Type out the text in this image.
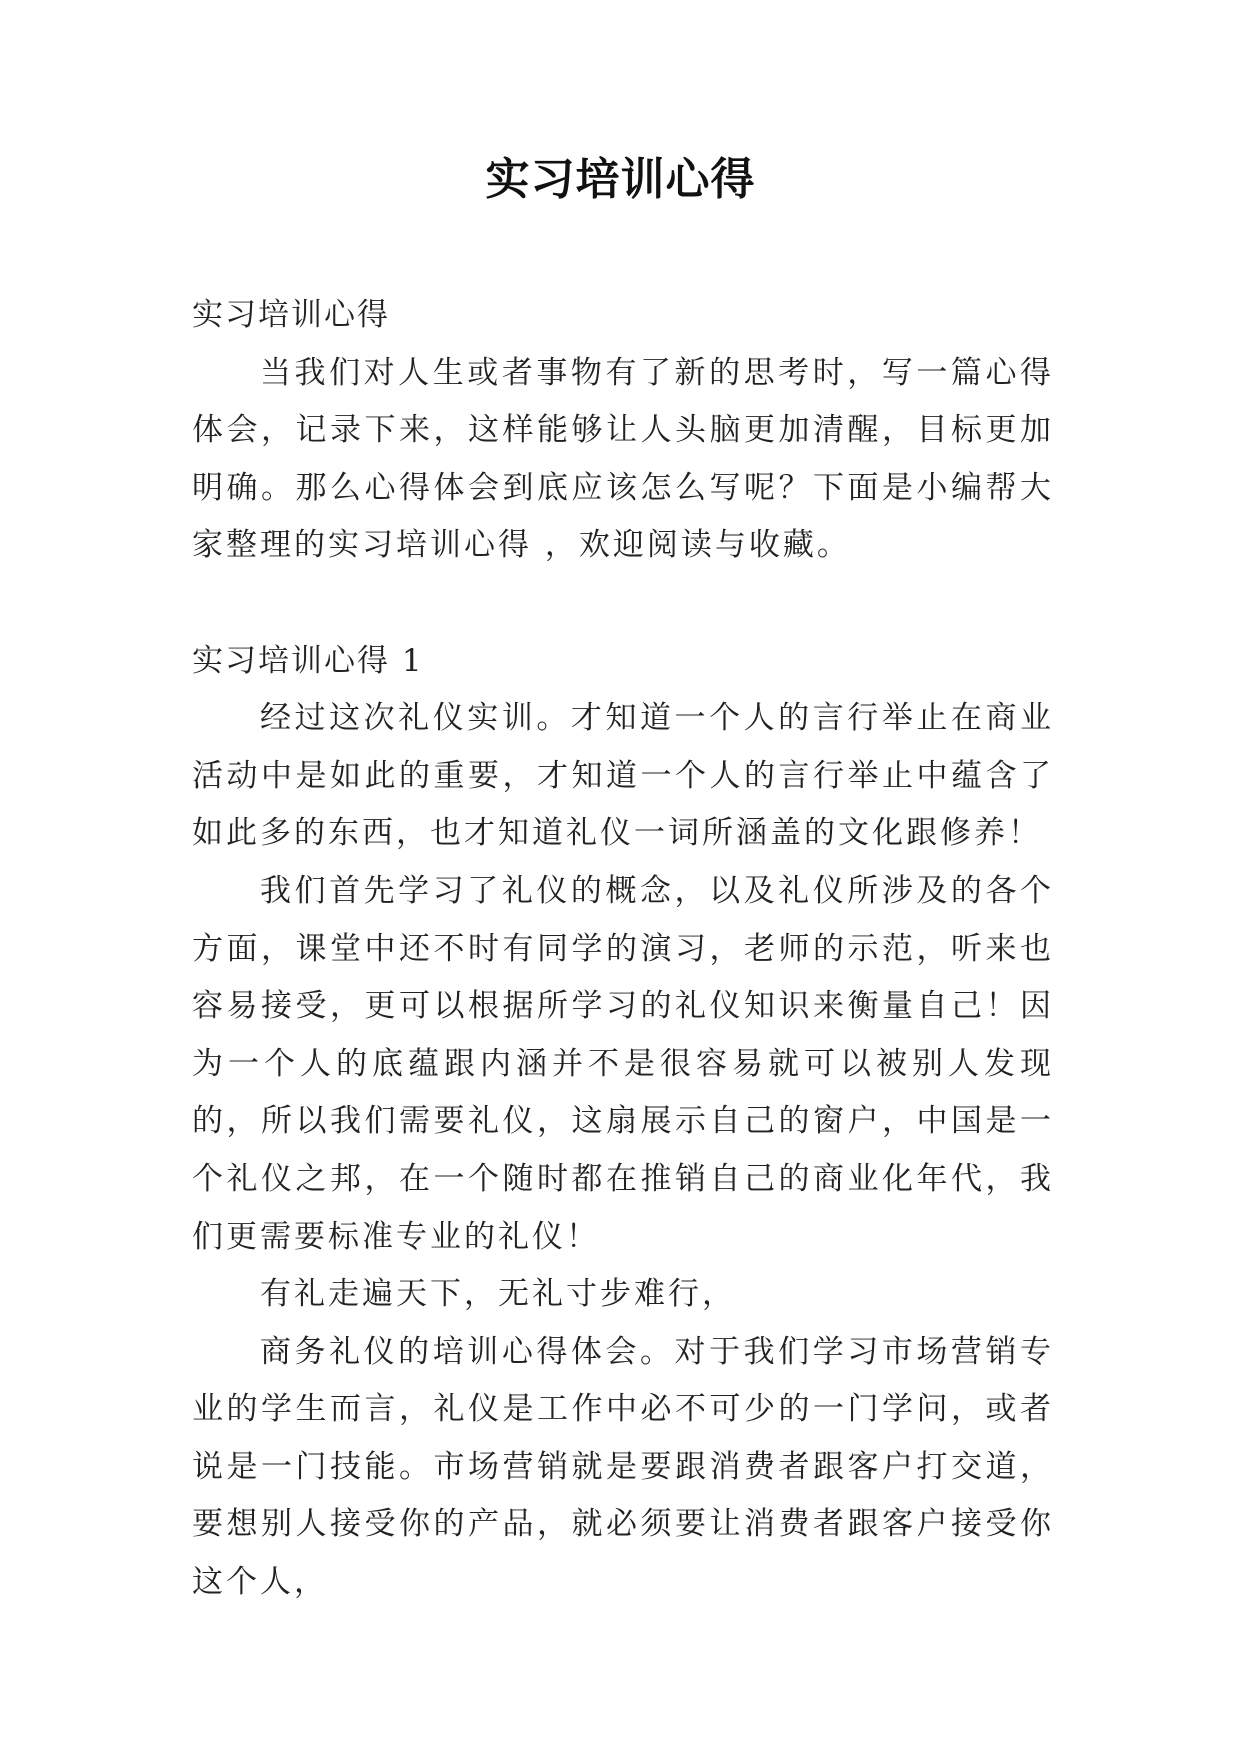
实习培训心得

实习培训心得

当我们对人生或者事物有了新的思考时，写一篇心得体会，记录下来，这样能够让人头脑更加清醒，目标更加明确。那么心得体会到底应该怎么写呢？下面是小编帮大家整理的实习培训心得 ，欢迎阅读与收藏。

实习培训心得 1

经过这次礼仪实训。才知道一个人的言行举止在商业活动中是如此的重要，才知道一个人的言行举止中蕴含了如此多的东西，也才知道礼仪一词所涵盖的文化跟修养！

我们首先学习了礼仪的概念，以及礼仪所涉及的各个方面，课堂中还不时有同学的演习，老师的示范，听来也容易接受，更可以根据所学习的礼仪知识来衡量自己！因为一个人的底蕴跟内涵并不是很容易就可以被别人发现的，所以我们需要礼仪，这扇展示自己的窗户，中国是一个礼仪之邦，在一个随时都在推销自己的商业化年代，我们更需要标准专业的礼仪！

有礼走遍天下，无礼寸步难行，

商务礼仪的培训心得体会。对于我们学习市场营销专业的学生而言，礼仪是工作中必不可少的一门学问，或者说是一门技能。市场营销就是要跟消费者跟客户打交道，要想别人接受你的产品，就必须要让消费者跟客户接受你这个人，
